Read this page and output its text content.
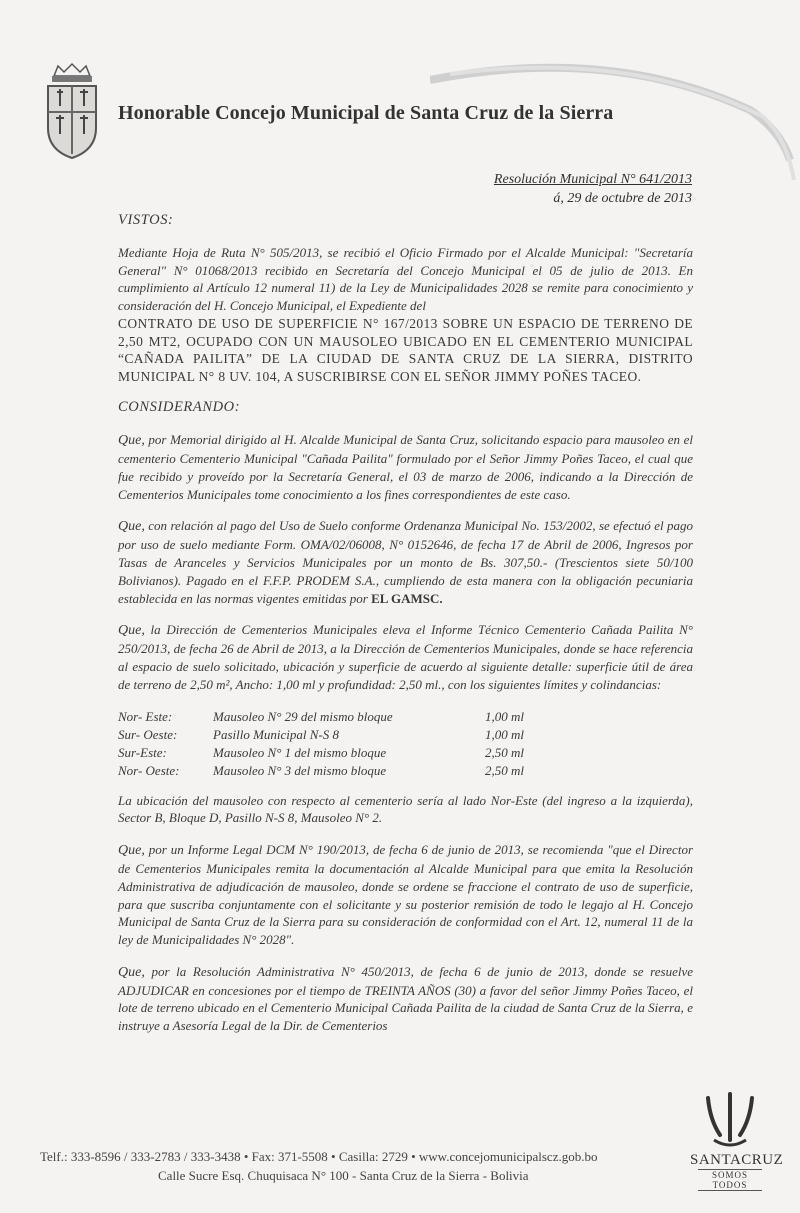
Honorable Concejo Municipal de Santa Cruz de la Sierra
Resolución Municipal N° 641/2013
á, 29 de octubre de 2013
VISTOS:

Mediante Hoja de Ruta N° 505/2013, se recibió el Oficio Firmado por el Alcalde Municipal: "Secretaría General" N° 01068/2013 recibido en Secretaría del Concejo Municipal el 05 de julio de 2013. En cumplimiento al Artículo 12 numeral 11) de la Ley de Municipalidades 2028 se remite para conocimiento y consideración del H. Concejo Municipal, el Expediente del

CONTRATO DE USO DE SUPERFICIE N° 167/2013 SOBRE UN ESPACIO DE TERRENO DE 2,50 MT2, OCUPADO CON UN MAUSOLEO UBICADO EN EL CEMENTERIO MUNICIPAL “CAÑADA PAILITA” DE LA CIUDAD DE SANTA CRUZ DE LA SIERRA, DISTRITO MUNICIPAL N° 8 UV. 104, A SUSCRIBIRSE CON EL SEÑOR JIMMY POÑES TACEO.
CONSIDERANDO:

Que, por Memorial dirigido al H. Alcalde Municipal de Santa Cruz, solicitando espacio para mausoleo en el cementerio Cementerio Municipal "Cañada Pailita" formulado por el Señor Jimmy Poñes Taceo, el cual que fue recibido y proveído por la Secretaría General, el 03 de marzo de 2006, indicando a la Dirección de Cementerios Municipales tome conocimiento a los fines correspondientes de este caso.

Que, con relación al pago del Uso de Suelo conforme Ordenanza Municipal No. 153/2002, se efectuó el pago por uso de suelo mediante Form. OMA/02/06008, N° 0152646, de fecha 17 de Abril de 2006, Ingresos por Tasas de Aranceles y Servicios Municipales por un monto de Bs. 307,50.- (Trescientos siete 50/100 Bolivianos). Pagado en el F.F.P. PRODEM S.A., cumpliendo de esta manera con la obligación pecuniaria establecida en las normas vigentes emitidas por EL GAMSC.

Que, la Dirección de Cementerios Municipales eleva el Informe Técnico Cementerio Cañada Pailita N° 250/2013, de fecha 26 de Abril de 2013, a la Dirección de Cementerios Municipales, donde se hace referencia al espacio de suelo solicitado, ubicación y superficie de acuerdo al siguiente detalle: superficie útil de área de terreno de 2,50 m², Ancho: 1,00 ml y profundidad: 2,50 ml., con los siguientes límites y colindancias:

Nor- Este:	Mausoleo N° 29 del mismo bloque	1,00 ml
Sur- Oeste:	Pasillo Municipal N-S 8	1,00 ml
Sur-Este:	Mausoleo N° 1 del mismo bloque	2,50 ml
Nor- Oeste:	Mausoleo N° 3 del mismo bloque	2,50 ml

La ubicación del mausoleo con respecto al cementerio sería al lado Nor-Este (del ingreso a la izquierda), Sector B, Bloque D, Pasillo N-S 8, Mausoleo N° 2.

Que, por un Informe Legal DCM N° 190/2013, de fecha 6 de junio de 2013, se recomienda "que el Director de Cementerios Municipales remita la documentación al Alcalde Municipal para que emita la Resolución Administrativa de adjudicación de mausoleo, donde se ordene se fraccione el contrato de uso de superficie, para que suscriba conjuntamente con el solicitante y su posterior remisión de todo le legajo al H. Concejo Municipal de Santa Cruz de la Sierra para su consideración de conformidad con el Art. 12, numeral 11 de la ley de Municipalidades N° 2028".

Que, por la Resolución Administrativa N° 450/2013, de fecha 6 de junio de 2013, donde se resuelve ADJUDICAR en concesiones por el tiempo de TREINTA AÑOS (30) a favor del señor Jimmy Poñes Taceo, el lote de terreno ubicado en el Cementerio Municipal Cañada Pailita de la ciudad de Santa Cruz de la Sierra, e instruye a Asesoría Legal de la Dir. de Cementerios

Telf.: 333-8596 / 333-2783 / 333-3438 • Fax: 371-5508 • Casilla: 2729 • www.concejomunicipalscz.gob.bo
Calle Sucre Esq. Chuquisaca N° 100 - Santa Cruz de la Sierra - Bolivia
SANTACRUZ
SOMOS TODOS
